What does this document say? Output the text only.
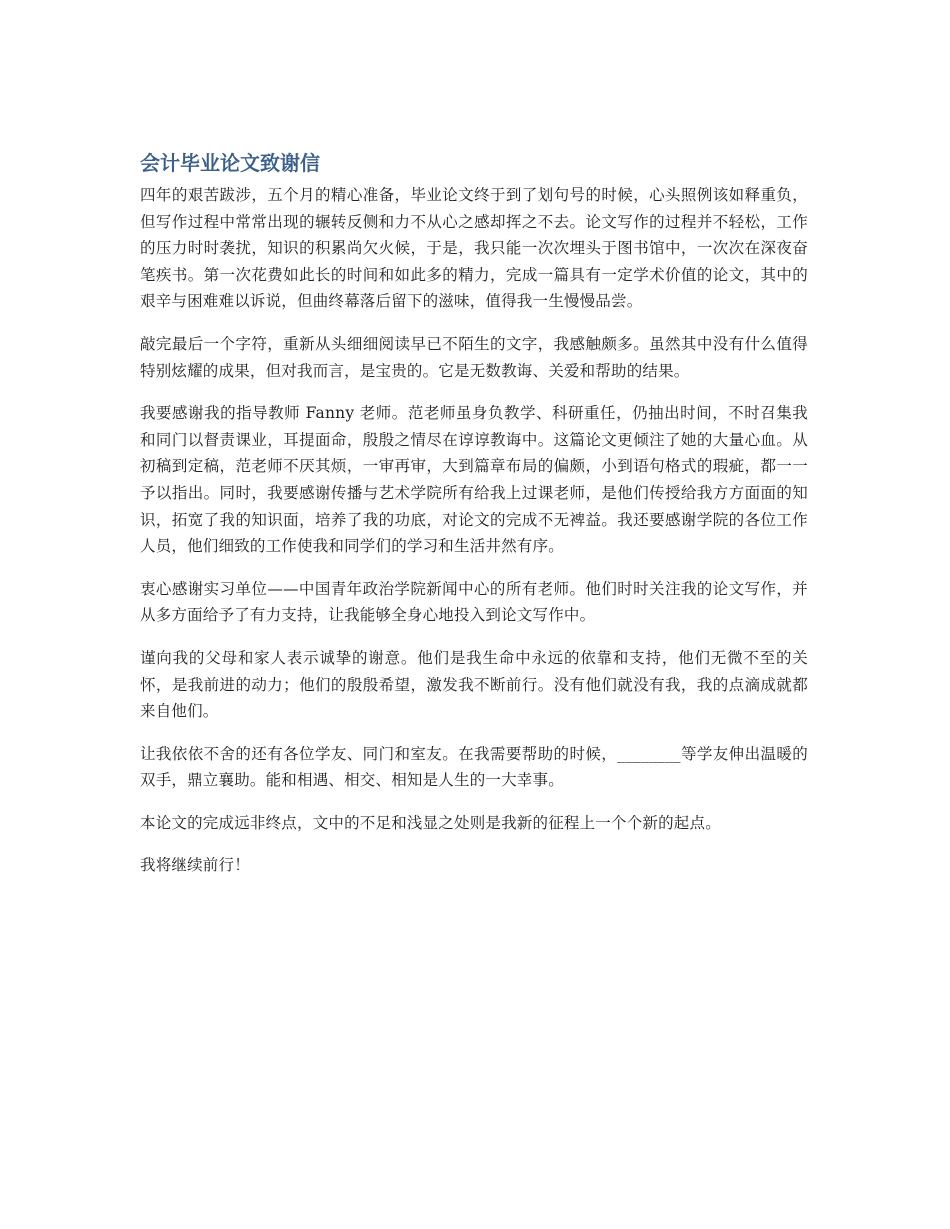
会计毕业论文致谢信

四年的艰苦跋涉，五个月的精心准备，毕业论文终于到了划句号的时候，心头照例该如释重负，但写作过程中常常出现的辗转反侧和力不从心之感却挥之不去。论文写作的过程并不轻松，工作的压力时时袭扰，知识的积累尚欠火候，于是，我只能一次次埋头于图书馆中，一次次在深夜奋笔疾书。第一次花费如此长的时间和如此多的精力，完成一篇具有一定学术价值的论文，其中的艰辛与困难难以诉说，但曲终幕落后留下的滋味，值得我一生慢慢品尝。

敲完最后一个字符，重新从头细细阅读早已不陌生的文字，我感触颇多。虽然其中没有什么值得特别炫耀的成果，但对我而言，是宝贵的。它是无数教诲、关爱和帮助的结果。

我要感谢我的指导教师 Fanny 老师。范老师虽身负教学、科研重任，仍抽出时间，不时召集我和同门以督责课业，耳提面命，殷殷之情尽在谆谆教诲中。这篇论文更倾注了她的大量心血。从初稿到定稿，范老师不厌其烦，一审再审，大到篇章布局的偏颇，小到语句格式的瑕疵，都一一予以指出。同时，我要感谢传播与艺术学院所有给我上过课老师，是他们传授给我方方面面的知识，拓宽了我的知识面，培养了我的功底，对论文的完成不无裨益。我还要感谢学院的各位工作人员，他们细致的工作使我和同学们的学习和生活井然有序。

衷心感谢实习单位——中国青年政治学院新闻中心的所有老师。他们时时关注我的论文写作，并从多方面给予了有力支持，让我能够全身心地投入到论文写作中。

谨向我的父母和家人表示诚挚的谢意。他们是我生命中永远的依靠和支持，他们无微不至的关怀，是我前进的动力；他们的殷殷希望，激发我不断前行。没有他们就没有我，我的点滴成就都来自他们。

让我依依不舍的还有各位学友、同门和室友。在我需要帮助的时候，________等学友伸出温暖的双手，鼎立襄助。能和相遇、相交、相知是人生的一大幸事。

本论文的完成远非终点，文中的不足和浅显之处则是我新的征程上一个个新的起点。

我将继续前行！
